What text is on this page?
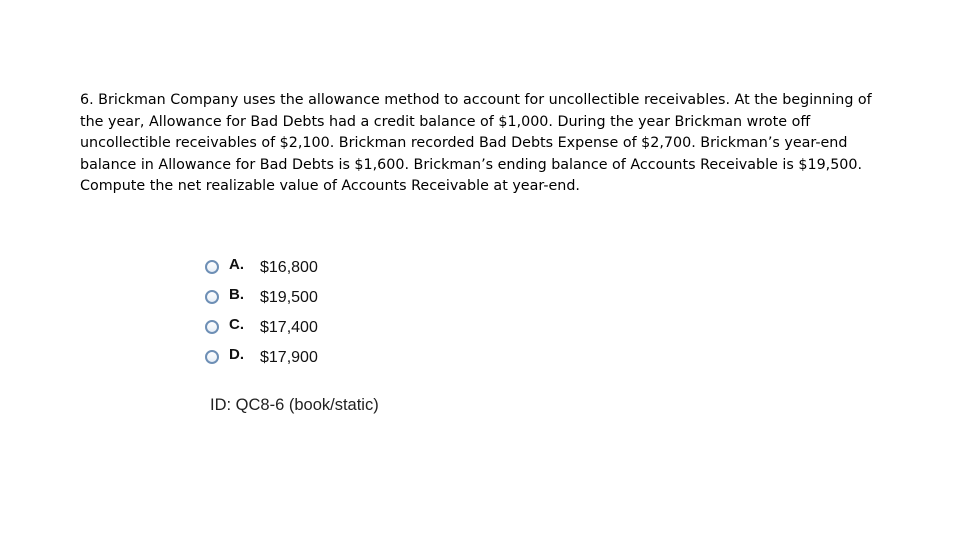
6. Brickman Company uses the allowance method to account for uncollectible receivables. At the beginning of the year, Allowance for Bad Debts had a credit balance of $1,000. During the year Brickman wrote off uncollectible receivables of $2,100. Brickman recorded Bad Debts Expense of $2,700. Brickman’s year-end balance in Allowance for Bad Debts is $1,600. Brickman’s ending balance of Accounts Receivable is $19,500. Compute the net realizable value of Accounts Receivable at year-end.
A.	$16,800
B.	$19,500
C.	$17,400
D.	$17,900
ID: QC8-6 (book/static)
